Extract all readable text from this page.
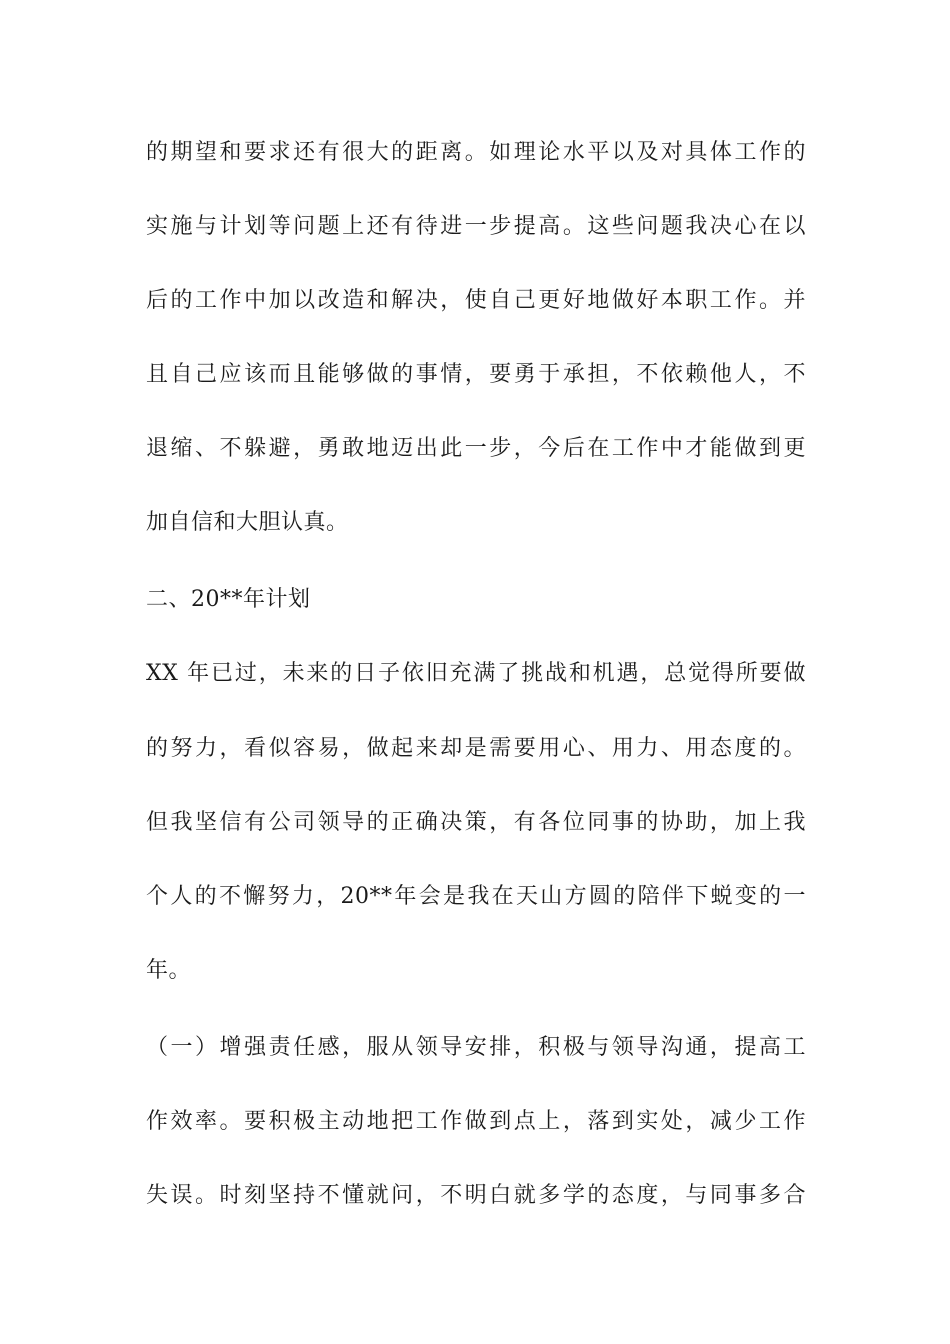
的期望和要求还有很大的距离。如理论水平以及对具体工作的
实施与计划等问题上还有待进一步提高。这些问题我决心在以
后的工作中加以改造和解决，使自己更好地做好本职工作。并
且自己应该而且能够做的事情，要勇于承担，不依赖他人，不
退缩、不躲避，勇敢地迈出此一步，今后在工作中才能做到更
加自信和大胆认真。
二、20**年计划
XX 年已过，未来的日子依旧充满了挑战和机遇，总觉得所要做
的努力，看似容易，做起来却是需要用心、用力、用态度的。
但我坚信有公司领导的正确决策，有各位同事的协助，加上我
个人的不懈努力，20**年会是我在天山方圆的陪伴下蜕变的一
年。
（一）增强责任感，服从领导安排，积极与领导沟通，提高工
作效率。要积极主动地把工作做到点上，落到实处，减少工作
失误。时刻坚持不懂就问，不明白就多学的态度，与同事多合
